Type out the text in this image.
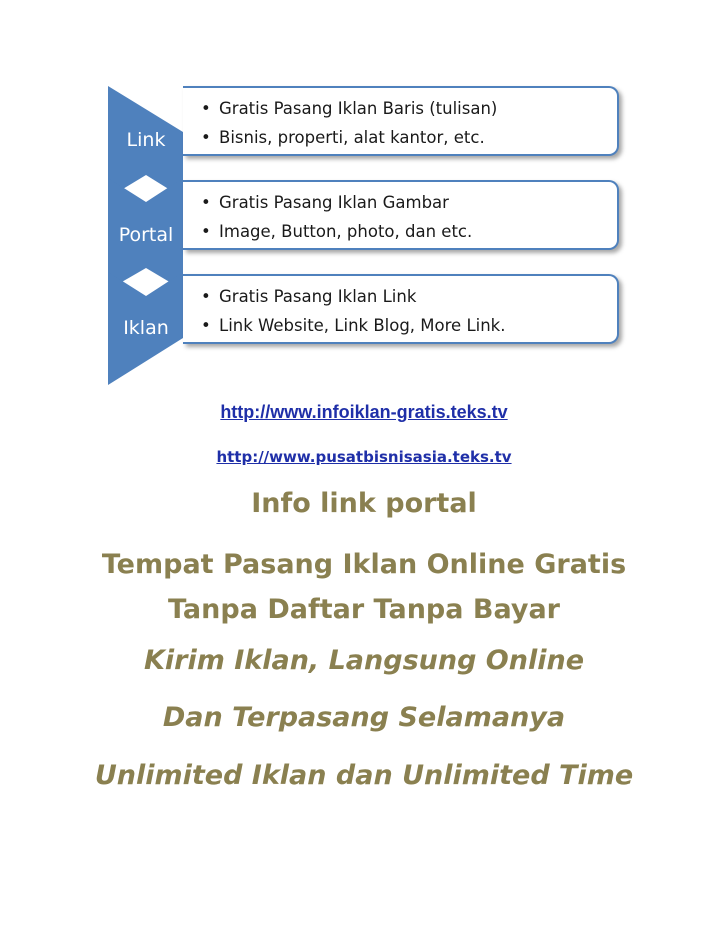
Link
Portal
Iklan
• Gratis Pasang Iklan Baris (tulisan)
• Bisnis, properti, alat kantor, etc.
• Gratis Pasang Iklan Gambar
• Image, Button, photo, dan etc.
• Gratis Pasang Iklan Link
• Link Website, Link Blog, More Link.
http://www.infoiklan-gratis.teks.tv
http://www.pusatbisnisasia.teks.tv
Info link portal
Tempat Pasang Iklan Online Gratis
Tanpa Daftar Tanpa Bayar
Kirim Iklan, Langsung Online
Dan Terpasang Selamanya
Unlimited Iklan dan Unlimited Time
